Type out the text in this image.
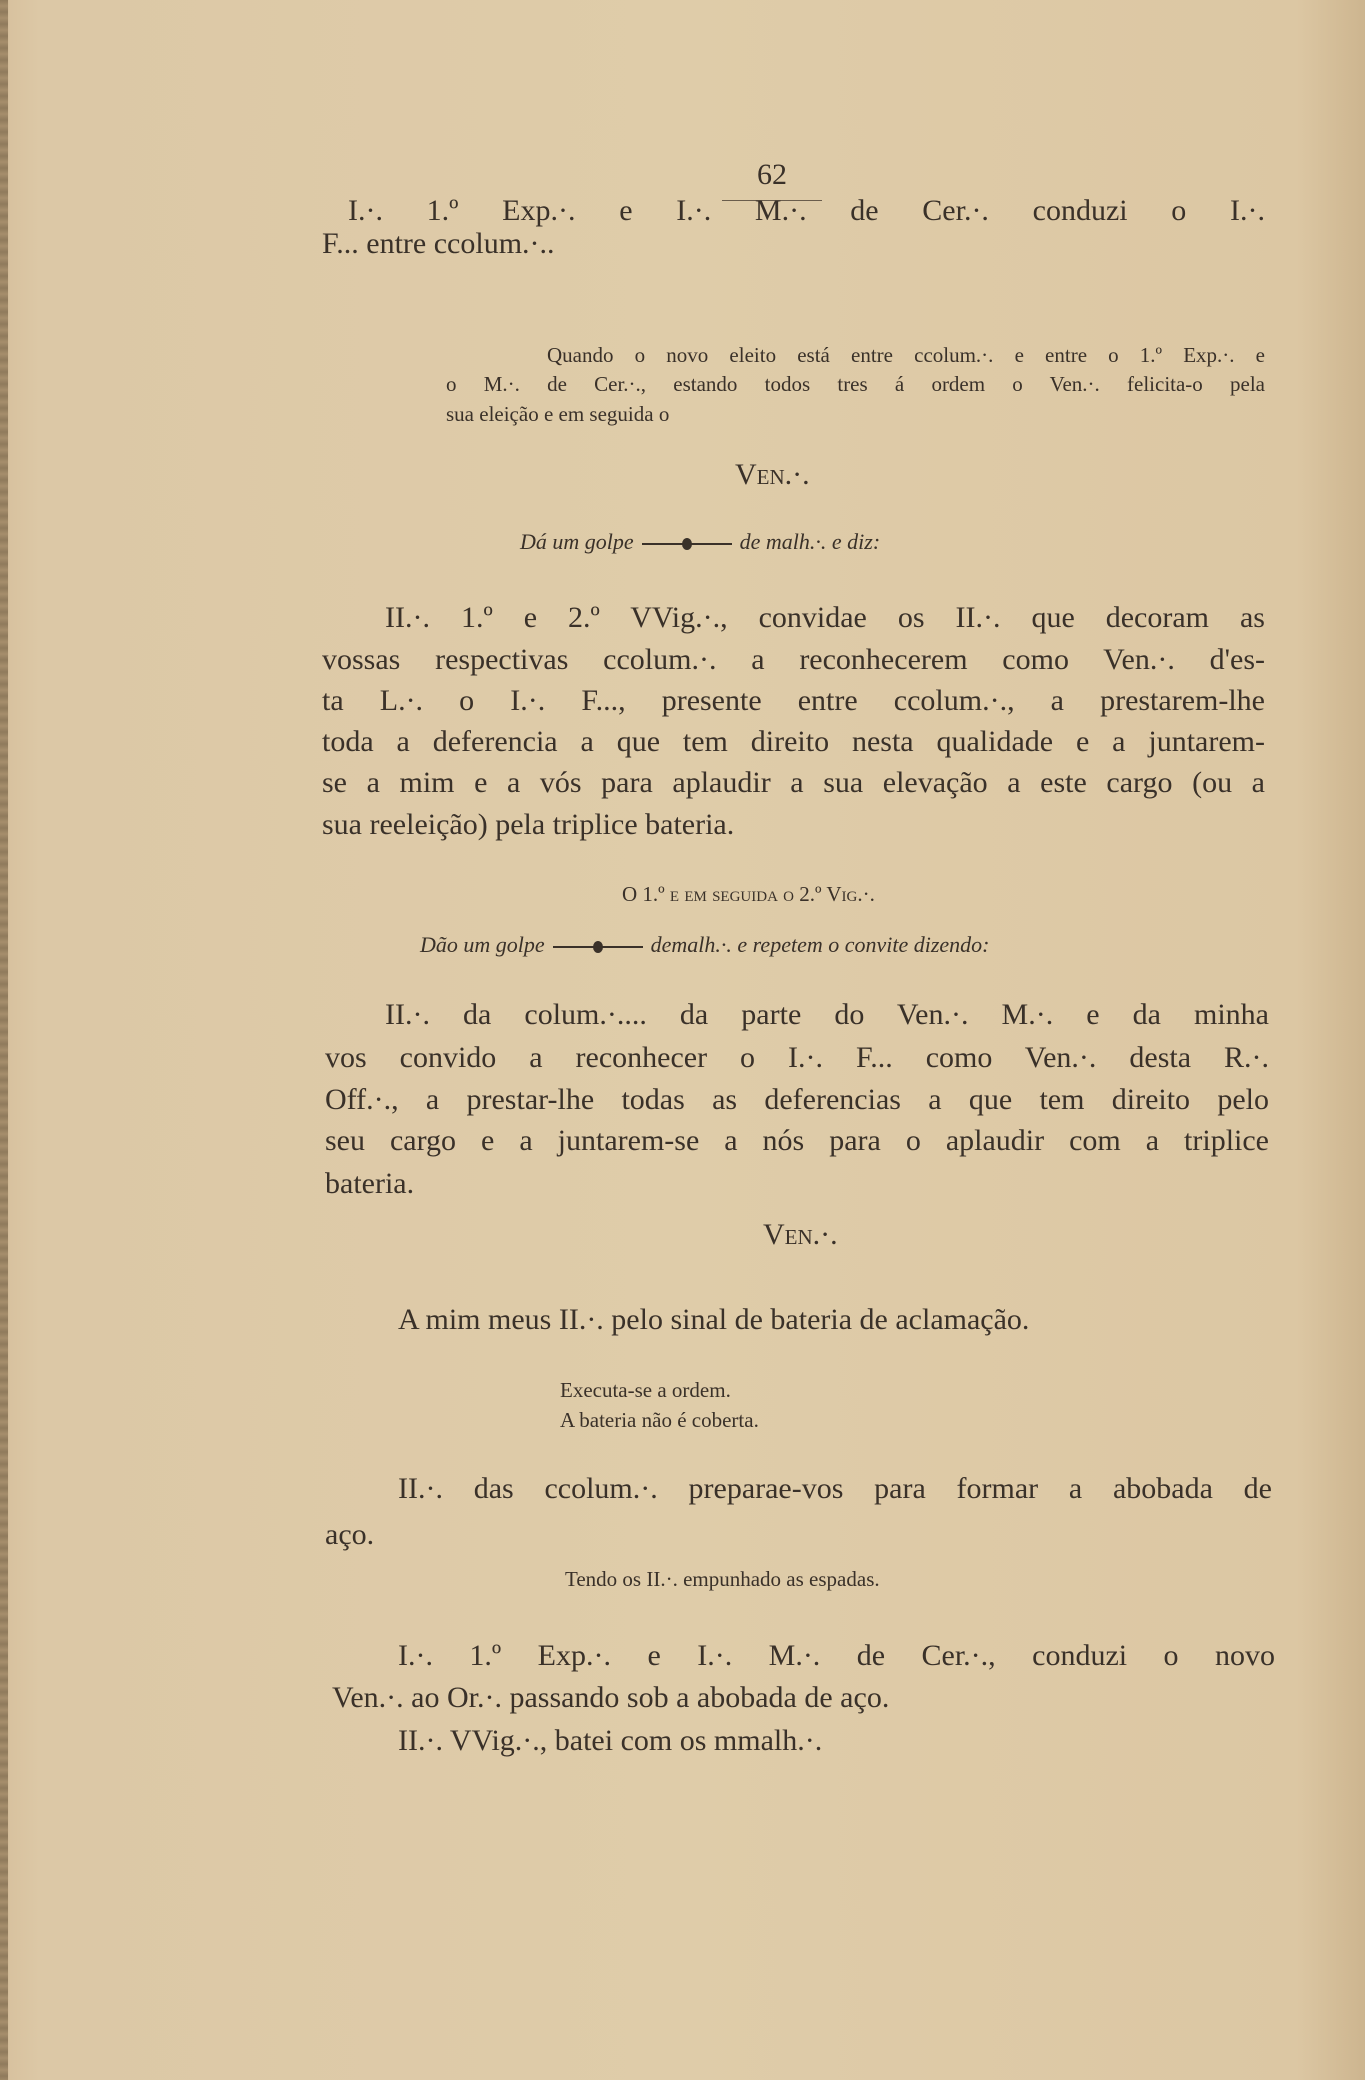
62
I.·. 1.º Exp.·. e I.·. M.·. de Cer.·. conduzi o I.·.
F... entre ccolum.·..
Quando o novo eleito está entre ccolum.·. e entre o 1.º Exp.·. e
o M.·. de Cer.·., estando todos tres á ordem o Ven.·. felicita-o pela
sua eleição e em seguida o
Ven.·.
Dá um golpe	de malh.·. e diz:
II.·. 1.º e 2.º VVig.·., convidae os II.·. que decoram as
vossas respectivas ccolum.·. a reconhecerem como Ven.·. d'es-
ta L.·. o I.·. F..., presente entre ccolum.·., a prestarem-lhe
toda a deferencia a que tem direito nesta qualidade e a juntarem-
se a mim e a vós para aplaudir a sua elevação a este cargo (ou a
sua reeleição) pela triplice bateria.
O 1.º e em seguida o 2.º Vig.·.
Dão um golpe	demalh.·. e repetem o convite dizendo:
II.·. da colum.·.... da parte do Ven.·. M.·. e da minha
vos convido a reconhecer o I.·. F... como Ven.·. desta R.·.
Off.·., a prestar-lhe todas as deferencias a que tem direito pelo
seu cargo e a juntarem-se a nós para o aplaudir com a triplice
bateria.
Ven.·.
A mim meus II.·. pelo sinal de bateria de aclamação.
Executa-se a ordem.
A bateria não é coberta.
II.·. das ccolum.·. preparae-vos para formar a abobada de
aço.
Tendo os II.·. empunhado as espadas.
I.·. 1.º Exp.·. e I.·. M.·. de Cer.·., conduzi o novo
Ven.·. ao Or.·. passando sob a abobada de aço.
II.·. VVig.·., batei com os mmalh.·.
